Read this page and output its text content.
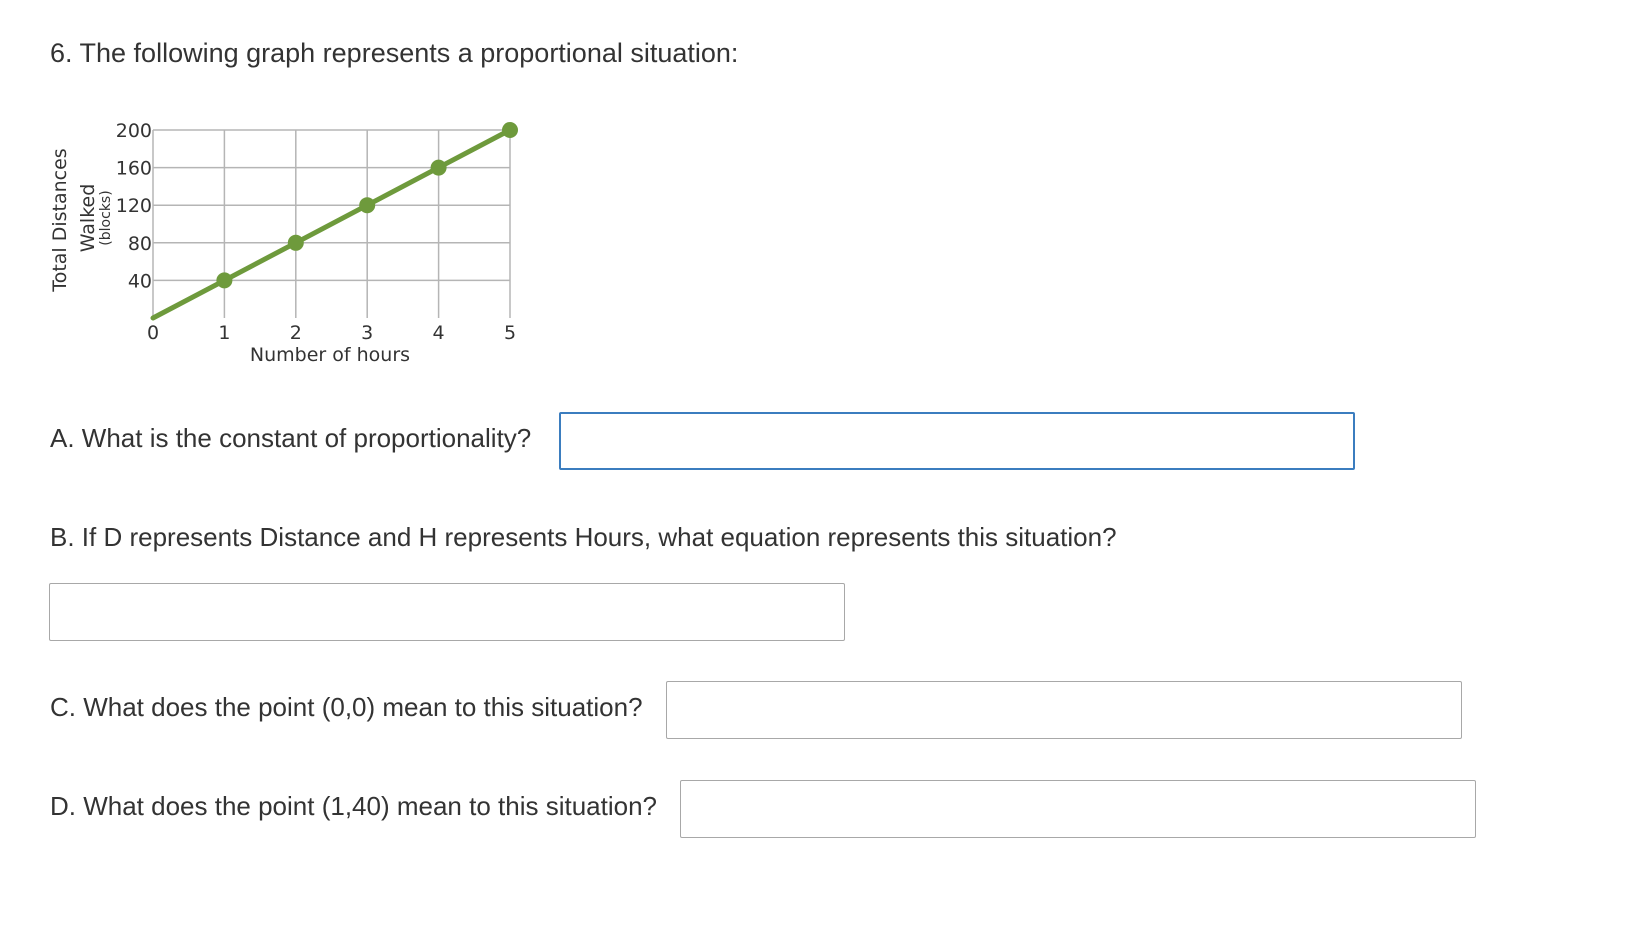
6. The following graph represents a proportional situation:
0	1	2	3	4	5
40
80
120
160
200
Number of hours
Total Distances Walked (blocks)
A. What is the constant of proportionality?
B. If D represents Distance and H represents Hours, what equation represents this situation?
C. What does the point (0,0) mean to this situation?
D. What does the point (1,40) mean to this situation?
